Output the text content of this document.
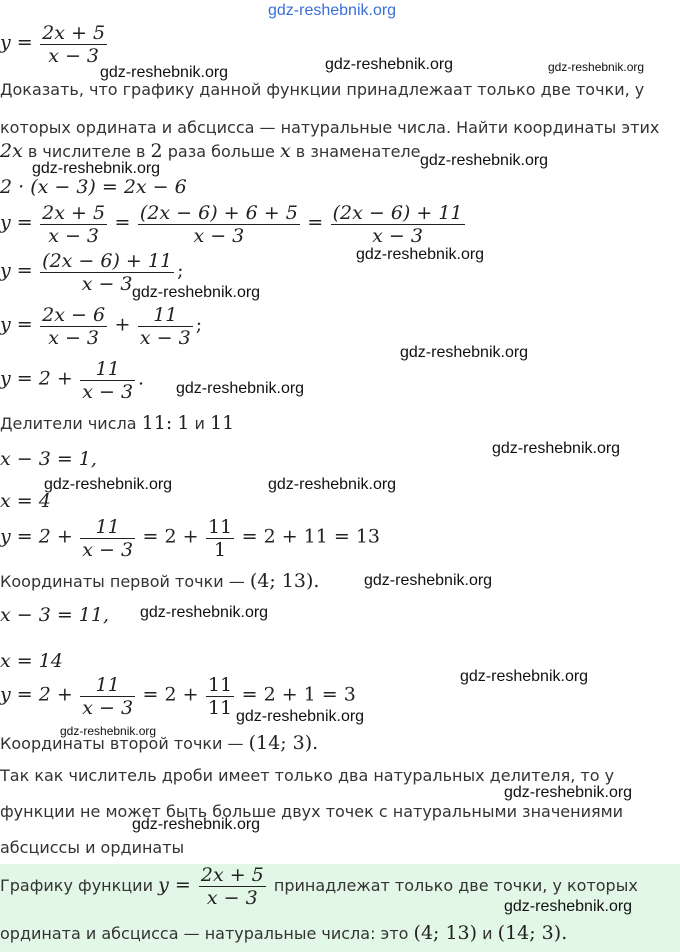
gdz-reshebnik.org
$y = \frac{2x + 5}{x - 3}$
gdz-reshebnik.org	gdz-reshebnik.org	gdz-reshebnik.org
Доказать, что графику данной функции принадлежаат только две точки, у
которых ордината и абсцисса — натуральные числа. Найти координаты этих
2x в числителе в 2 раза больше x в знаменателе
gdz-reshebnik.org	gdz-reshebnik.org
2 · (x − 3) = 2x − 6
$y = \frac{2x + 5}{x - 3} = \frac{(2x - 6) + 6 + 5}{x - 3} = \frac{(2x - 6) + 11}{x - 3}$
$y = \frac{(2x - 6) + 11}{x - 3}$ ;
gdz-reshebnik.org
gdz-reshebnik.org
$y = \frac{2x - 6}{x - 3} + \frac{11}{x - 3}$ ;
gdz-reshebnik.org
$y = 2 + \frac{11}{x - 3}$ . gdz-reshebnik.org
Делители числа 11: 1 и 11
gdz-reshebnik.org
x − 3 = 1,
gdz-reshebnik.org	gdz-reshebnik.org
x = 4
$y = 2 + \frac{11}{x - 3} = 2 + \frac{11}{1} = 2 + 11 = 13$
Координаты первой точки — (4; 13).	gdz-reshebnik.org
x − 3 = 11, gdz-reshebnik.org
x = 14
gdz-reshebnik.org
$y = 2 + \frac{11}{x - 3} = 2 + \frac{11}{11} = 2 + 1 = 3$
gdz-reshebnik.org
gdz-reshebnik.org
Координаты второй точки — (14; 3).
Так как числитель дроби имеет только два натуральных делителя, то у
gdz-reshebnik.org
функции не может быть больше двух точек с натуральными значениями
gdz-reshebnik.org
абсциссы и ординаты
Графику функции $y = \frac{2x + 5}{x - 3}$ принадлежат только две точки, у которых
gdz-reshebnik.org
ордината и абсцисса — натуральные числа: это (4; 13) и (14; 3).
